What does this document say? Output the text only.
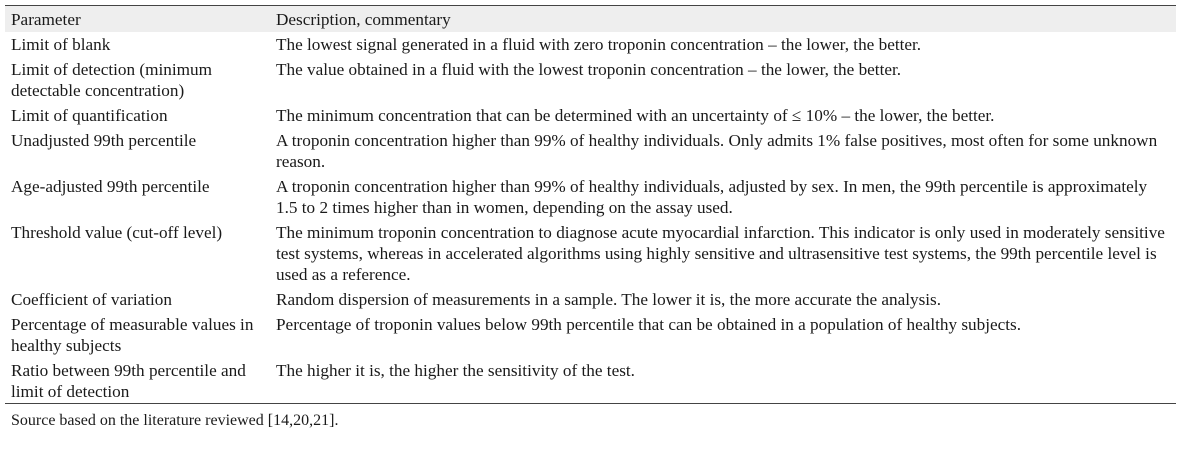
Parameter	Description, commentary
Limit of blank	The lowest signal generated in a fluid with zero troponin concentration – the lower, the better.
Limit of detection (minimum detectable concentration)	The value obtained in a fluid with the lowest troponin concentration – the lower, the better.
Limit of quantification	The minimum concentration that can be determined with an uncertainty of ≤ 10% – the lower, the better.
Unadjusted 99th percentile	A troponin concentration higher than 99% of healthy individuals. Only admits 1% false positives, most often for some unknown reason.
Age-adjusted 99th percentile	A troponin concentration higher than 99% of healthy individuals, adjusted by sex. In men, the 99th percentile is approximately 1.5 to 2 times higher than in women, depending on the assay used.
Threshold value (cut-off level)	The minimum troponin concentration to diagnose acute myocardial infarction. This indicator is only used in moderately sensitive test systems, whereas in accelerated algorithms using highly sensitive and ultrasensitive test systems, the 99th percentile level is used as a reference.
Coefficient of variation	Random dispersion of measurements in a sample. The lower it is, the more accurate the analysis.
Percentage of measurable values in healthy subjects	Percentage of troponin values below 99th percentile that can be obtained in a population of healthy subjects.
Ratio between 99th percentile and limit of detection	The higher it is, the higher the sensitivity of the test.
Source based on the literature reviewed [14,20,21].	
